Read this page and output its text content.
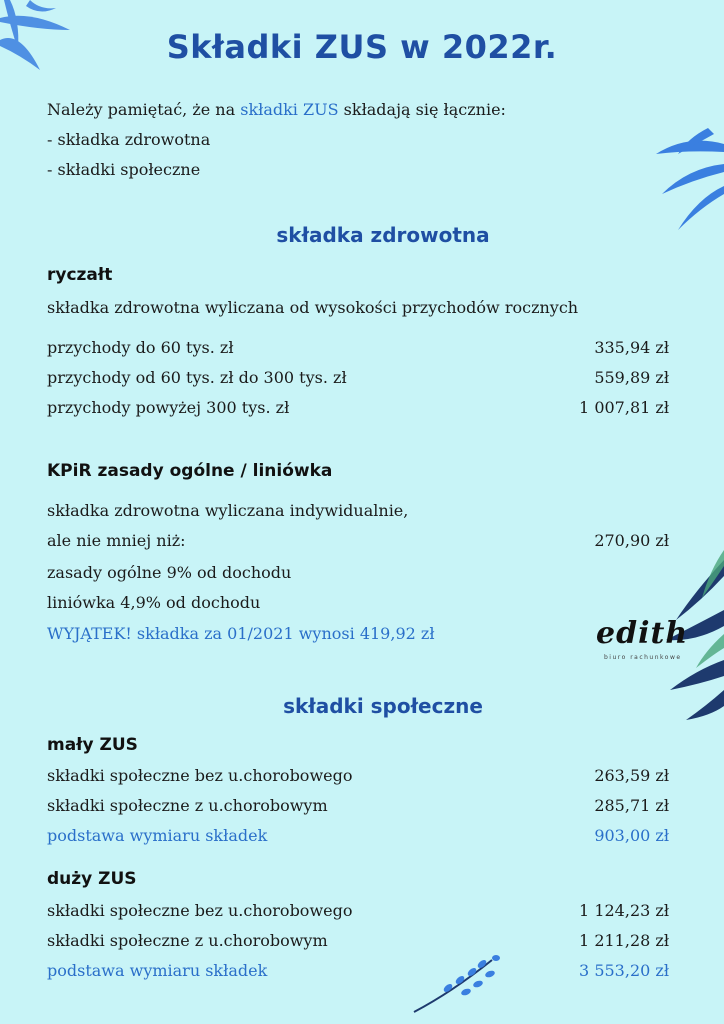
Składki ZUS w 2022r.
Należy pamiętać, że na składki ZUS składają się łącznie:
- składka zdrowotna
- składki społeczne
składka zdrowotna
ryczałt
składka zdrowotna wyliczana od wysokości przychodów rocznych
przychody do 60 tys. zł	335,94 zł
przychody od 60 tys. zł do 300 tys. zł	559,89 zł
przychody powyżej 300 tys. zł	1 007,81 zł
KPiR zasady ogólne / liniówka
składka zdrowotna wyliczana indywidualnie,
ale nie mniej niż:	270,90 zł
zasady ogólne 9% od dochodu
liniówka 4,9% od dochodu
WYJĄTEK! składka za 01/2021 wynosi 419,92 zł	edith
biuro rachunkowe
składki społeczne
mały ZUS
składki społeczne bez u.chorobowego	263,59 zł
składki społeczne z u.chorobowym	285,71 zł
podstawa wymiaru składek	903,00 zł
duży ZUS
składki społeczne bez u.chorobowego	1 124,23 zł
składki społeczne z u.chorobowym	1 211,28 zł
podstawa wymiaru składek	3 553,20 zł
